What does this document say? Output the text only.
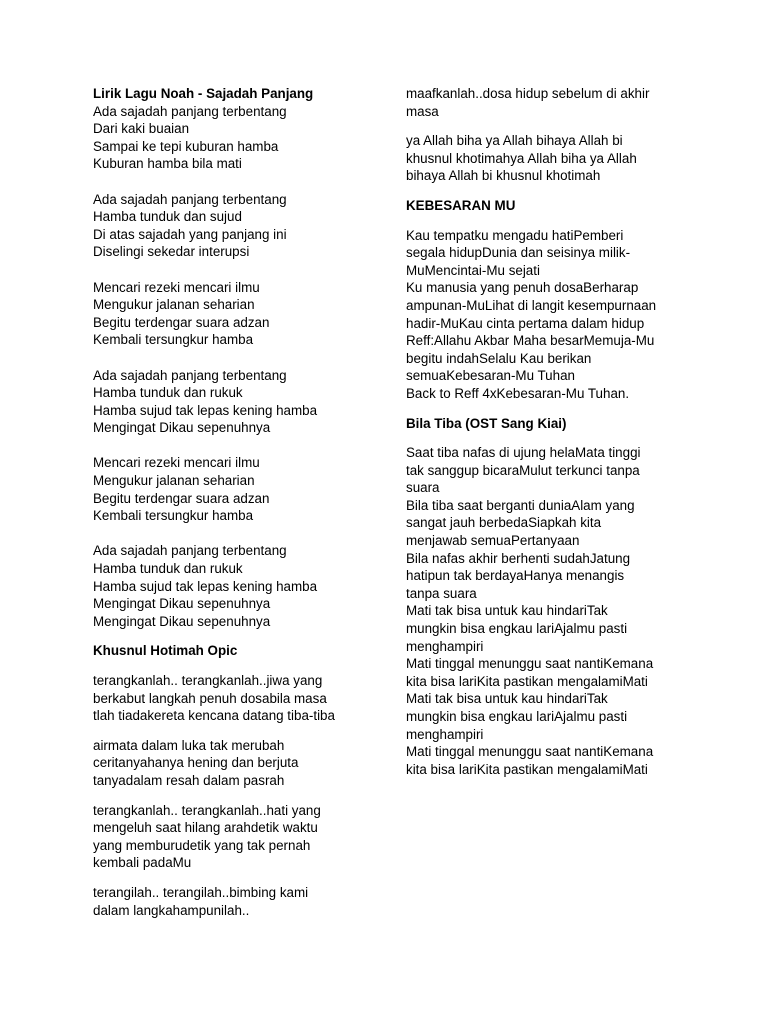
Lirik Lagu Noah - Sajadah Panjang
Ada sajadah panjang terbentang
Dari kaki buaian
Sampai ke tepi kuburan hamba
Kuburan hamba bila mati
Ada sajadah panjang terbentang
Hamba tunduk dan sujud
Di atas sajadah yang panjang ini
Diselingi sekedar interupsi
Mencari rezeki mencari ilmu
Mengukur jalanan seharian
Begitu terdengar suara adzan
Kembali tersungkur hamba
Ada sajadah panjang terbentang
Hamba tunduk dan rukuk
Hamba sujud tak lepas kening hamba
Mengingat Dikau sepenuhnya
Mencari rezeki mencari ilmu
Mengukur jalanan seharian
Begitu terdengar suara adzan
Kembali tersungkur hamba
Ada sajadah panjang terbentang
Hamba tunduk dan rukuk
Hamba sujud tak lepas kening hamba
Mengingat Dikau sepenuhnya
Mengingat Dikau sepenuhnya
Khusnul Hotimah Opic
terangkanlah.. terangkanlah..jiwa yang
berkabut langkah penuh dosabila masa
tlah tiadakereta kencana datang tiba-tiba
airmata dalam luka tak merubah
ceritanyahanya hening dan berjuta
tanyadalam resah dalam pasrah
terangkanlah.. terangkanlah..hati yang
mengeluh saat hilang arahdetik waktu
yang memburudetik yang tak pernah
kembali padaMu
terangilah.. terangilah..bimbing kami
dalam langkahampunilah..
maafkanlah..dosa hidup sebelum di akhir
masa
ya Allah biha ya Allah bihaya Allah bi
khusnul khotimahya Allah biha ya Allah
bihaya Allah bi khusnul khotimah
KEBESARAN MU
Kau tempatku mengadu hatiPemberi
segala hidupDunia dan seisinya milik-
MuMencintai-Mu sejati
Ku manusia yang penuh dosaBerharap
ampunan-MuLihat di langit kesempurnaan
hadir-MuKau cinta pertama dalam hidup
Reff:Allahu Akbar Maha besarMemuja-Mu
begitu indahSelalu Kau berikan
semuaKebesaran-Mu Tuhan
Back to Reff 4xKebesaran-Mu Tuhan.
Bila Tiba (OST Sang Kiai)
Saat tiba nafas di ujung helaMata tinggi
tak sanggup bicaraMulut terkunci tanpa
suara
Bila tiba saat berganti duniaAlam yang
sangat jauh berbedaSiapkah kita
menjawab semuaPertanyaan
Bila nafas akhir berhenti sudahJatung
hatipun tak berdayaHanya menangis
tanpa suara
Mati tak bisa untuk kau hindariTak
mungkin bisa engkau lariAjalmu pasti
menghampiri
Mati tinggal menunggu saat nantiKemana
kita bisa lariKita pastikan mengalamiMati
Mati tak bisa untuk kau hindariTak
mungkin bisa engkau lariAjalmu pasti
menghampiri
Mati tinggal menunggu saat nantiKemana
kita bisa lariKita pastikan mengalamiMati
